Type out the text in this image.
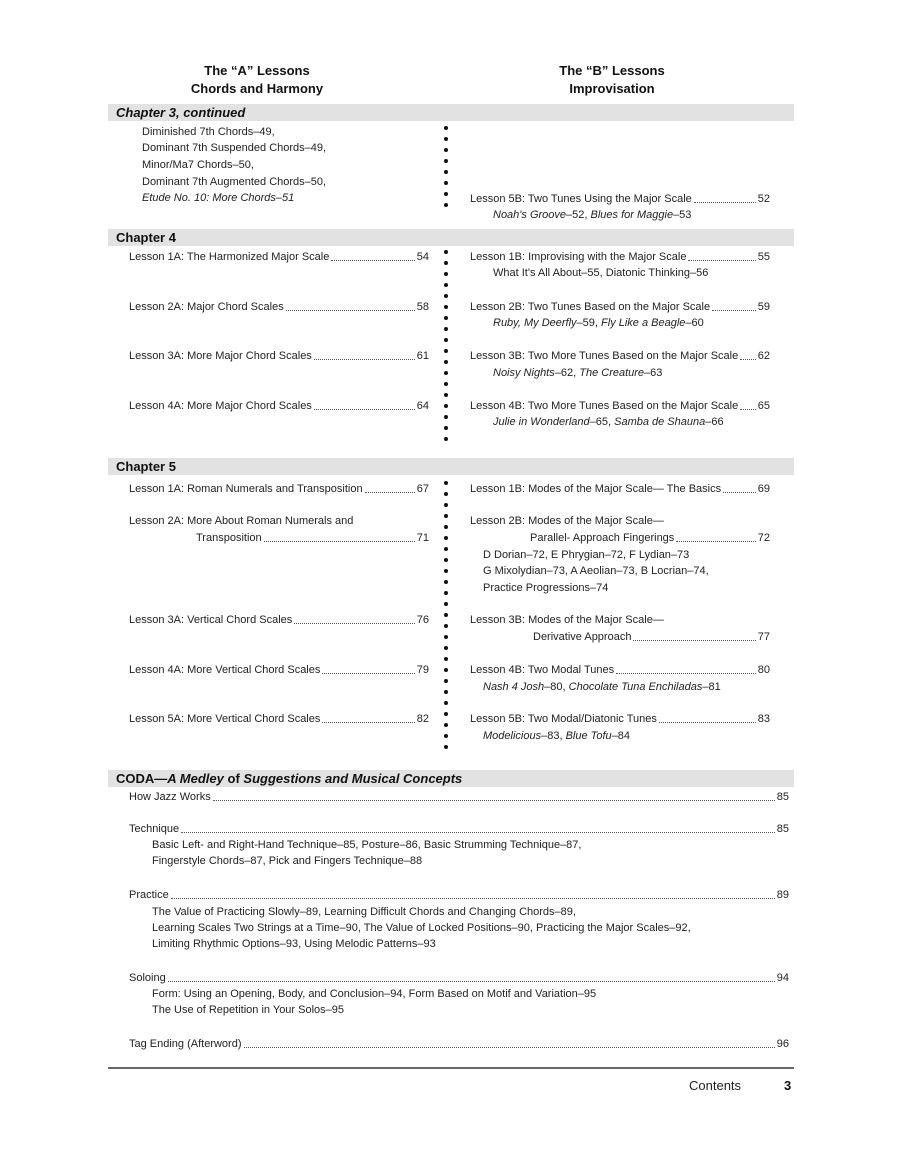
The “A” Lessons
Chords and Harmony
The “B” Lessons
Improvisation
Chapter 3, continued
Diminished 7th Chords–49,
Dominant 7th Suspended Chords–49,
Minor/Ma7 Chords–50,
Dominant 7th Augmented Chords–50,
Etude No. 10: More Chords–51	Lesson 5B: Two Tunes Using the Major Scale	52
Noah's Groove–52, Blues for Maggie–53
Chapter 4
Lesson 1A: The Harmonized Major Scale	54
Lesson 2A: Major Chord Scales	58
Lesson 3A: More Major Chord Scales	61
Lesson 4A: More Major Chord Scales	64
Lesson 1B: Improvising with the Major Scale	55
What It's All About–55, Diatonic Thinking–56
Lesson 2B: Two Tunes Based on the Major Scale	59
Ruby, My Deerfly–59, Fly Like a Beagle–60
Lesson 3B: Two More Tunes Based on the Major Scale 62
Noisy Nights–62, The Creature–63
Lesson 4B: Two More Tunes Based on the Major Scale 65
Julie in Wonderland–65, Samba de Shauna–66
Chapter 5
Lesson 1A: Roman Numerals and Transposition	67
Lesson 2A: More About Roman Numerals and
Transposition	71
Lesson 3A: Vertical Chord Scales	76
Lesson 4A: More Vertical Chord Scales	79
Lesson 5A: More Vertical Chord Scales	82
Lesson 1B: Modes of the Major Scale— The Basics	69
Lesson 2B: Modes of the Major Scale—
Parallel- Approach Fingerings	72
D Dorian–72, E Phrygian–72, F Lydian–73
G Mixolydian–73, A Aeolian–73, B Locrian–74,
Practice Progressions–74
Lesson 3B: Modes of the Major Scale—
Derivative Approach	77
Lesson 4B: Two Modal Tunes	80
Nash 4 Josh–80, Chocolate Tuna Enchiladas–81
Lesson 5B: Two Modal/Diatonic Tunes	83
Modelicious–83, Blue Tofu–84
CODA—A Medley of Suggestions and Musical Concepts
How Jazz Works	85
Technique	85
Basic Left- and Right-Hand Technique–85, Posture–86, Basic Strumming Technique–87,
Fingerstyle Chords–87, Pick and Fingers Technique–88
Practice	89
The Value of Practicing Slowly–89, Learning Difficult Chords and Changing Chords–89,
Learning Scales Two Strings at a Time–90, The Value of Locked Positions–90, Practicing the Major Scales–92,
Limiting Rhythmic Options–93, Using Melodic Patterns–93
Soloing	94
Form: Using an Opening, Body, and Conclusion–94, Form Based on Motif and Variation–95
The Use of Repetition in Your Solos–95
Tag Ending (Afterword)	96
Contents	3
